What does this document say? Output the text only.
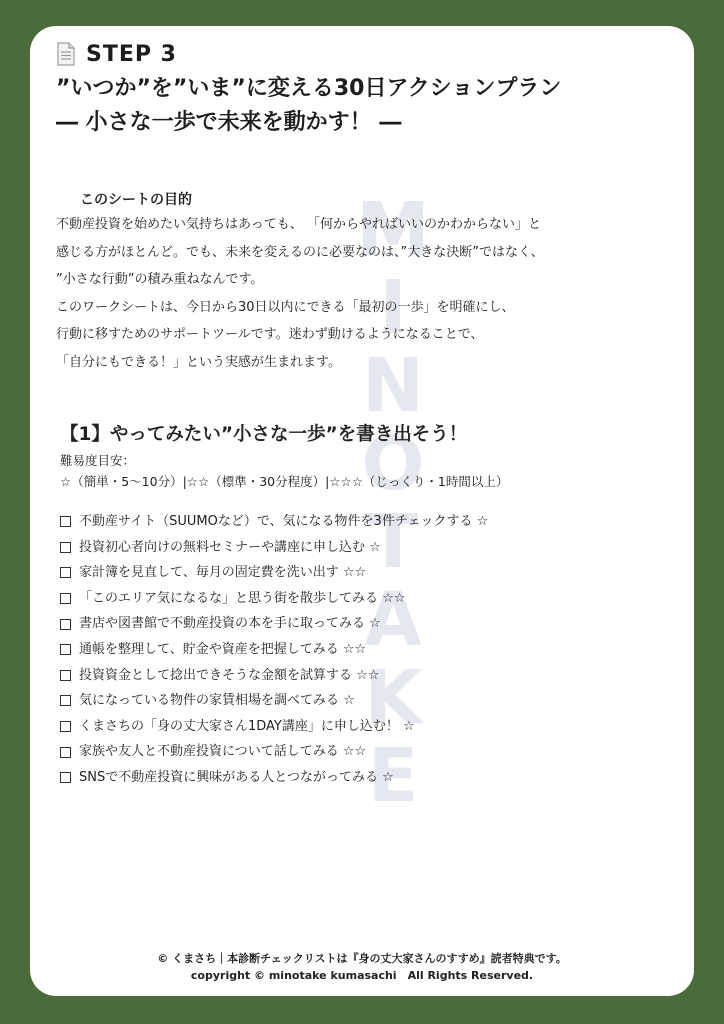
M
I
N
O
T
A
K
E
STEP 3
”いつか”を”いま”に変える30日アクションプラン
― 小さな一歩で未来を動かす！ ―
このシートの目的

不動産投資を始めたい気持ちはあっても、 「何からやればいいのかわからない」と

感じる方がほとんど。でも、未来を変えるのに必要なのは、”大きな決断”ではなく、

”小さな行動”の積み重ねなんです。

このワークシートは、今日から30日以内にできる「最初の一歩」を明確にし、

行動に移すためのサポートツールです。迷わず動けるようになることで、

「自分にもできる！」という実感が生まれます。

【1】やってみたい”小さな一歩”を書き出そう！
難易度目安：
☆（簡単・5～10分）|☆☆（標準・30分程度）|☆☆☆（じっくり・1時間以上）
不動産サイト（SUUMOなど）で、気になる物件を3件チェックする ☆
投資初心者向けの無料セミナーや講座に申し込む ☆
家計簿を見直して、毎月の固定費を洗い出す ☆☆
「このエリア気になるな」と思う街を散歩してみる ☆☆
書店や図書館で不動産投資の本を手に取ってみる ☆
通帳を整理して、貯金や資産を把握してみる ☆☆
投資資金として捻出できそうな金額を試算する ☆☆
気になっている物件の家賃相場を調べてみる ☆
くまさちの「身の丈大家さん1DAY講座」に申し込む！ ☆
家族や友人と不動産投資について話してみる ☆☆
SNSで不動産投資に興味がある人とつながってみる ☆
© くまさち｜本診断チェックリストは『身の丈大家さんのすすめ』読者特典です。
copyright © minotake kumasachi　All Rights Reserved.
